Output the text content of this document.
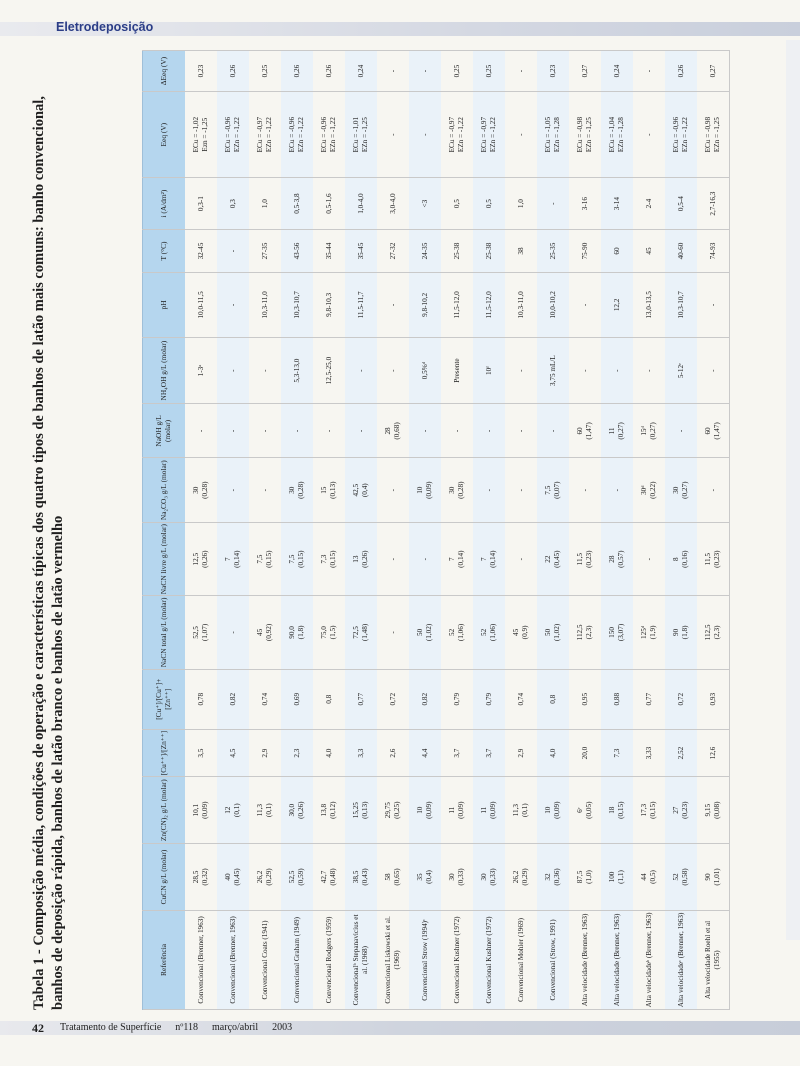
Eletrodeposição
Tabela 1 - Composição média, condições de operação e características típicas dos quatro tipos de banhos de latão mais comuns: banho convencional, banhos de deposição rápida, banhos de latão branco e banhos de latão vermelho	Referência	CuCN g/L (molar)	Zn(CN)₂ g/L (molar)	[Cu⁺⁺]/[Zn⁺⁺]	[Cu⁺]/[Cu⁺]+[Zn⁺⁺]	NaCN total g/L (molar)	NaCN livre g/L (molar)	Na₂CO₃ g/L (molar)	NaOH g/L (molar)	NH₄OH g/L (molar)	pH	T (°C)	i (A/dm²)	Eeq (V)	ΔEeq (V)

Convencional (Brenner, 1963)	28,5 (0,32)	10,1 (0,09)	3,5	0,78	52,5 (1,07)	12,5 (0,26)	30 (0,28)	-	1-3ᵃ	10,0-11,5	32-45	0,3-1	ECu = -1,02 Ezn = -1,25	0,23

Convencional (Brenner, 1963)	40 (0,45)	12 (0,1)	4,5	0,82	-	7 (0,14)	-	-	-	-	-	0,3	ECu = -0,96 EZn = -1,22	0,26

Convencional Coats (1941)	26,2 (0,29)	11,3 (0,1)	2,9	0,74	45 (0,92)	7,5 (0,15)	-	-	-	10,3-11,0	27-35	1,0	ECu = -0,97 EZn = -1,22	0,25

Convencional Graham (1949)	52,5 (0,59)	30,0 (0,26)	2,3	0,69	90,0 (1,8)	7,5 (0,15)	30 (0,28)	-	5,3-13,0	10,3-10,7	43-56	0,5-3,8	ECu = -0,96 EZn = -1,22	0,26

Convencional Rodgers (1959)	42,7 (0,48)	13,8 (0,12)	4,0	0,8	75,0 (1,5)	7,3 (0,15)	15 (0,13)	-	12,5-25,0	9,8-10,3	35-44	0,5-1,6	ECu = -0,96 EZn = -1,22	0,26

Convencionalᵇ Stepanavicius et al. (1968)	38,5 (0,43)	15,25 (0,13)	3,3	0,77	72,5 (1,48)	13 (0,26)	42,5 (0,4)	-	-	11,5-11,7	35-45	1,0-4,0	ECu = -1,01 EZn = -1,25	0,24

Convencional Liskowski et al. (1969)	58 (0,65)	29,75 (0,25)	2,6	0,72	-	-	-	28 (0,68)	-	-	27-32	3,0-4,0	-	-

Convencional Strow (1994)ᶜ	35 (0,4)	10 (0,09)	4,4	0,82	50 (1,02)	-	10 (0,09)	-	0,5%ᵈ	9,8-10,2	24-35	<3	-	-

Convencional Kushner (1972)	30 (0,33)	11 (0,09)	3,7	0,79	52 (1,06)	7 (0,14)	30 (0,28)	-	Presente	11,5-12,0	25-38	0,5	ECu = -0,97 EZn = -1,22	0,25

Convencional Kushner (1972)	30 (0,33)	11 (0,09)	3,7	0,79	52 (1,06)	7 (0,14)	-	-	10ᶠ	11,5-12,0	25-38	0,5	ECu = -0,97 EZn = -1,22	0,25

Convencional Mohler (1969)	26,2 (0,29)	11,3 (0,1)	2,9	0,74	45 (0,9)	-	-	-	-	10,3-11,0	38	1,0	-	-

Convencional (Strow, 1991)	32 (0,36)	10 (0,09)	4,0	0,8	50 (1,02)	22 (0,45)	7,5 (0,07)	-	3,75 mL/L	10,0-10,2	25-35	-	ECu = -1,05 EZn = -1,28	0,23

Alta velocidade (Brenner, 1963)	87,5 (1,0)	6ᵉ (0,05)	20,0	0,95	112,5 (2,3)	11,5 (0,23)	-	60 (1,47)	-	-	75-90	3-16	ECu = -0,98 EZn = -1,25	0,27

Alta velocidade (Brenner, 1963)	100 (1,1)	18 (0,15)	7,3	0,88	150 (3,07)	28 (0,57)	-	11 (0,27)	-	12,2	60	3-14	ECu = -1,04 EZn = -1,28	0,24

Alta velocidadeᵇ (Brenner, 1963)	44 (0,5)	17,3 (0,15)	3,33	0,77	125ᵈ (1,9)	-	30ᵈ (0,22)	15ᵈ (0,27)	-	13,0-13,5	45	2-4	-	-

Alta velocidadeᶜ (Brenner, 1963)	52 (0,58)	27 (0,23)	2,52	0,72	90 (1,8)	8 (0,16)	30 (0,27)	-	5-12ᵉ	10,3-10,7	40-60	0,5-4	ECu = -0,96 EZn = -1,22	0,26

Alta velocidade Roehl et al (1955)	90 (1,01)	9,15 (0,08)	12,6	0,93	112,5 (2,3)	11,5 (0,23)	-	60 (1,47)	-	-	74-93	2,7-16,3	ECu = -0,98 EZn = -1,25	0,27
42 Tratamento de Superfície nº118 março/abril 2003
